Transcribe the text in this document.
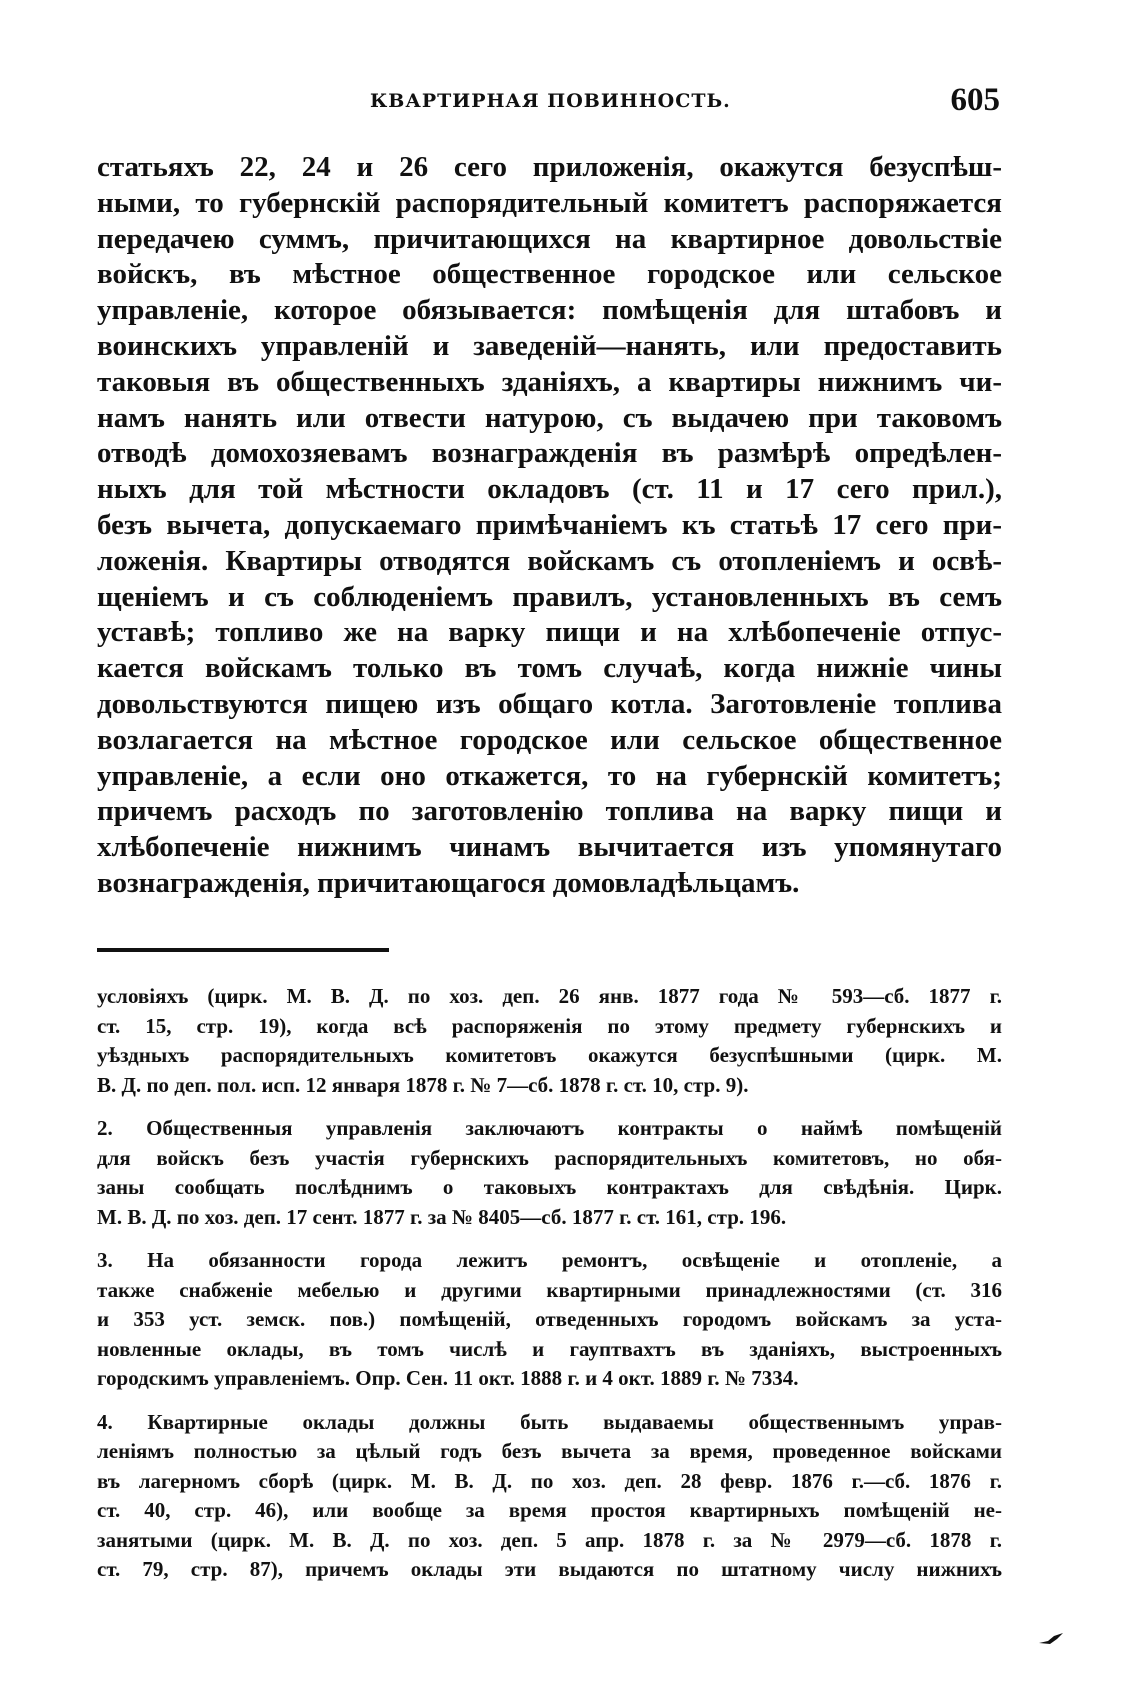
КВАРТИРНАЯ ПОВИННОСТЬ.	605
статьяхъ 22, 24 и 26 сего приложенія, окажутся безуспѣш-
ными, то губернскій распорядительный комитетъ распоряжается
передачею суммъ, причитающихся на квартирное довольствіе
войскъ, въ мѣстное общественное городское или сельское
управленіе, которое обязывается: помѣщенія для штабовъ и
воинскихъ управленій и заведеній—нанять, или предоставить
таковыя въ общественныхъ зданіяхъ, а квартиры нижнимъ чи-
намъ нанять или отвести натурою, съ выдачею при таковомъ
отводѣ домохозяевамъ вознагражденія въ размѣрѣ опредѣлен-
ныхъ для той мѣстности окладовъ (ст. 11 и 17 сего прил.),
безъ вычета, допускаемаго примѣчаніемъ къ статьѣ 17 сего при-
ложенія. Квартиры отводятся войскамъ съ отопленіемъ и освѣ-
щеніемъ и съ соблюденіемъ правилъ, установленныхъ въ семъ
уставѣ; топливо же на варку пищи и на хлѣбопеченіе отпус-
кается войскамъ только въ томъ случаѣ, когда нижніе чины
довольствуются пищею изъ общаго котла. Заготовленіе топлива
возлагается на мѣстное городское или сельское общественное
управленіе, а если оно откажется, то на губернскій комитетъ;
причемъ расходъ по заготовленію топлива на варку пищи и
хлѣбопеченіе нижнимъ чинамъ вычитается изъ упомянутаго
вознагражденія, причитающагося домовладѣльцамъ.
условіяхъ (цирк. М. В. Д. по хоз. деп. 26 янв. 1877 года № 593—сб. 1877 г.
ст. 15, стр. 19), когда всѣ распоряженія по этому предмету губернскихъ и
уѣздныхъ распорядительныхъ комитетовъ окажутся безуспѣшными (цирк. М.
В. Д. по деп. пол. исп. 12 января 1878 г. № 7—сб. 1878 г. ст. 10, стр. 9).
2. Общественныя управленія заключаютъ контракты о наймѣ помѣщеній
для войскъ безъ участія губернскихъ распорядительныхъ комитетовъ, но обя-
заны сообщать послѣднимъ о таковыхъ контрактахъ для свѣдѣнія. Цирк.
М. В. Д. по хоз. деп. 17 сент. 1877 г. за № 8405—сб. 1877 г. ст. 161, стр. 196.
3. На обязанности города лежитъ ремонтъ, освѣщеніе и отопленіе, а
также снабженіе мебелью и другими квартирными принадлежностями (ст. 316
и 353 уст. земск. пов.) помѣщеній, отведенныхъ городомъ войскамъ за уста-
новленные оклады, въ томъ числѣ и гауптвахтъ въ зданіяхъ, выстроенныхъ
городскимъ управленіемъ. Опр. Сен. 11 окт. 1888 г. и 4 окт. 1889 г. № 7334.
4. Квартирные оклады должны быть выдаваемы общественнымъ управ-
леніямъ полностью за цѣлый годъ безъ вычета за время, проведенное войсками
въ лагерномъ сборѣ (цирк. М. В. Д. по хоз. деп. 28 февр. 1876 г.—сб. 1876 г.
ст. 40, стр. 46), или вообще за время простоя квартирныхъ помѣщеній не-
занятыми (цирк. М. В. Д. по хоз. деп. 5 апр. 1878 г. за № 2979—сб. 1878 г.
ст. 79, стр. 87), причемъ оклады эти выдаются по штатному числу нижнихъ
